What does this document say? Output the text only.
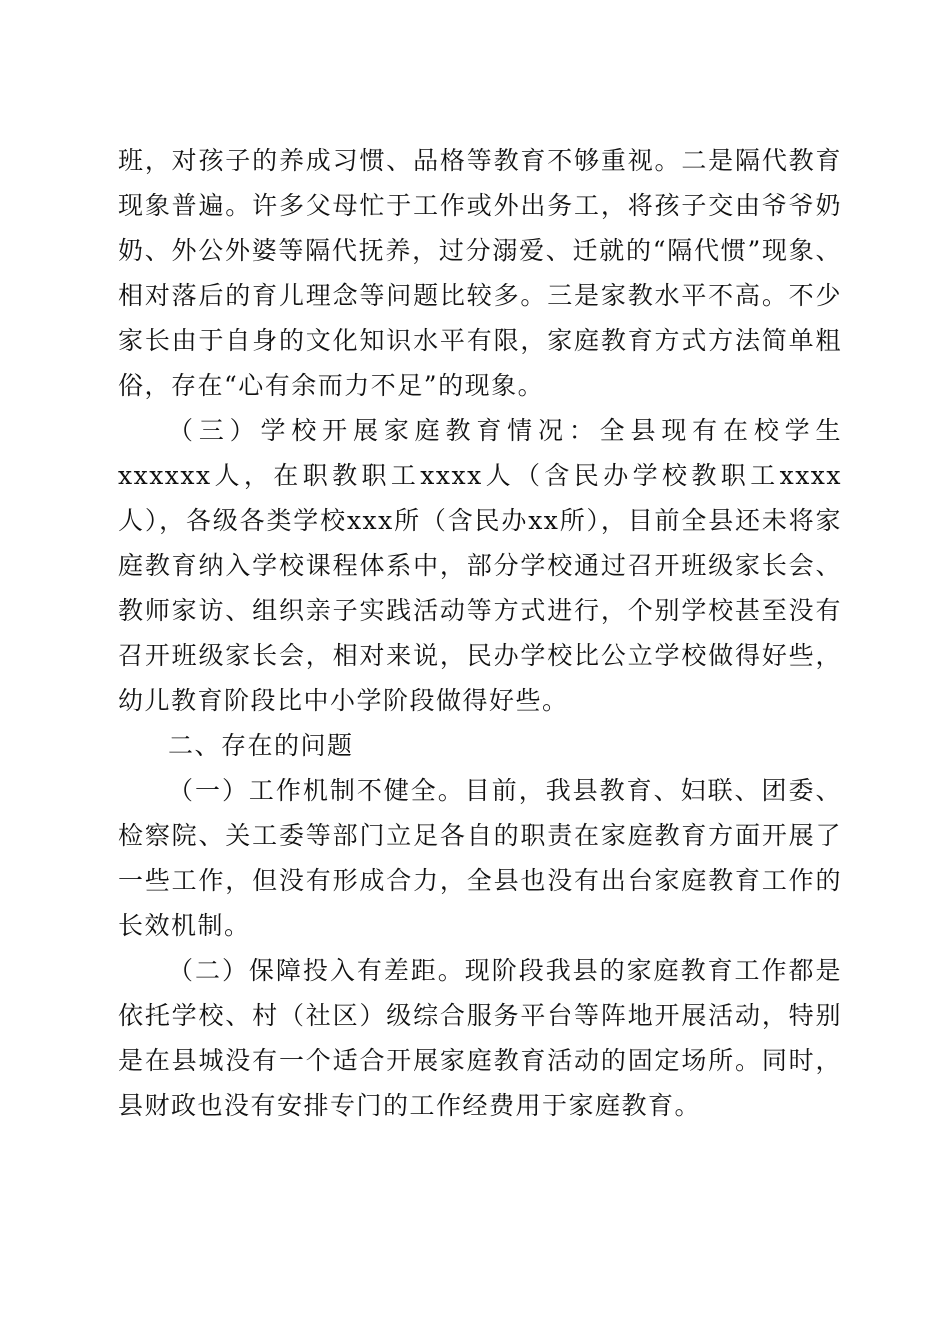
班，对孩子的养成习惯、品格等教育不够重视。二是隔代教育现象普遍。许多父母忙于工作或外出务工，将孩子交由爷爷奶奶、外公外婆等隔代抚养，过分溺爱、迁就的“隔代惯”现象、相对落后的育儿理念等问题比较多。三是家教水平不高。不少家长由于自身的文化知识水平有限，家庭教育方式方法简单粗俗，存在“心有余而力不足”的现象。

（三）学校开展家庭教育情况：全县现有在校学生xxxxxx人，在职教职工xxxx人（含民办学校教职工xxxx人），各级各类学校xxx所（含民办xx所），目前全县还未将家庭教育纳入学校课程体系中，部分学校通过召开班级家长会、教师家访、组织亲子实践活动等方式进行，个别学校甚至没有召开班级家长会，相对来说，民办学校比公立学校做得好些，幼儿教育阶段比中小学阶段做得好些。

二、存在的问题

（一）工作机制不健全。目前，我县教育、妇联、团委、检察院、关工委等部门立足各自的职责在家庭教育方面开展了一些工作，但没有形成合力，全县也没有出台家庭教育工作的长效机制。

（二）保障投入有差距。现阶段我县的家庭教育工作都是依托学校、村（社区）级综合服务平台等阵地开展活动，特别是在县城没有一个适合开展家庭教育活动的固定场所。同时，县财政也没有安排专门的工作经费用于家庭教育。
